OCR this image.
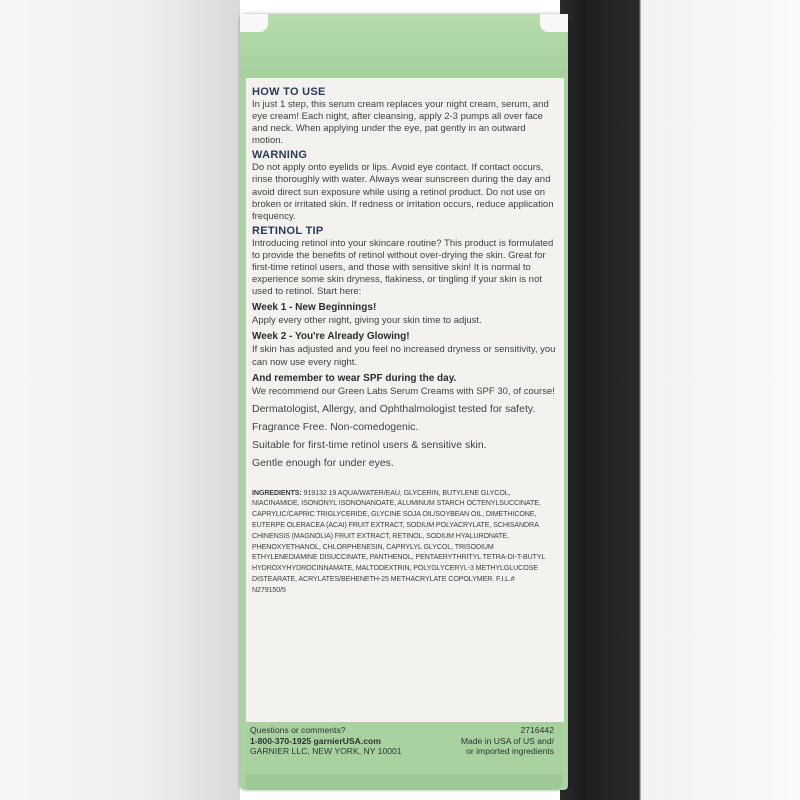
HOW TO USE

In just 1 step, this serum cream replaces your night cream, serum, and eye cream! Each night, after cleansing, apply 2-3 pumps all over face and neck. When applying under the eye, pat gently in an outward motion.

WARNING

Do not apply onto eyelids or lips. Avoid eye contact. If contact occurs, rinse thoroughly with water. Always wear sunscreen during the day and avoid direct sun exposure while using a retinol product. Do not use on broken or irritated skin. If redness or irritation occurs, reduce application frequency.

RETINOL TIP

Introducing retinol into your skincare routine? This product is formulated to provide the benefits of retinol without over-drying the skin. Great for first-time retinol users, and those with sensitive skin! It is normal to experience some skin dryness, flakiness, or tingling if your skin is not used to retinol. Start here:

Week 1 - New Beginnings!

Apply every other night, giving your skin time to adjust.

Week 2 - You're Already Glowing!

If skin has adjusted and you feel no increased dryness or sensitivity, you can now use every night.

And remember to wear SPF during the day.

We recommend our Green Labs Serum Creams with SPF 30, of course!

Dermatologist, Allergy, and Ophthalmologist tested for safety.

Fragrance Free. Non-comedogenic.

Suitable for first-time retinol users & sensitive skin.

Gentle enough for under eyes.

INGREDIENTS: 919132 19 AQUA/WATER/EAU, GLYCERIN, BUTYLENE GLYCOL, NIACINAMIDE, ISONONYL ISONONANOATE, ALUMINUM STARCH OCTENYLSUCCINATE, CAPRYLIC/CAPRIC TRIGLYCERIDE, GLYCINE SOJA OIL/SOYBEAN OIL, DIMETHICONE, EUTERPE OLERACEA (ACAI) FRUIT EXTRACT, SODIUM POLYACRYLATE, SCHISANDRA CHINENSIS (MAGNOLIA) FRUIT EXTRACT, RETINOL, SODIUM HYALURONATE, PHENOXYETHANOL, CHLORPHENESIN, CAPRYLYL GLYCOL, TRISODIUM ETHYLENEDIAMINE DISUCCINATE, PANTHENOL, PENTAERYTHRITYL TETRA-DI-T-BUTYL HYDROXYHYDROCINNAMATE, MALTODEXTRIN, POLYGLYCERYL-3 METHYLGLUCOSE DISTEARATE, ACRYLATES/BEHENETH-25 METHACRYLATE COPOLYMER. F.I.L.# N279150/5

Questions or comments?
1-800-370-1925 garnierUSA.com
GARNIER LLC, NEW YORK, NY 10001
2716442
Made in USA of US and/
or imported ingredients
